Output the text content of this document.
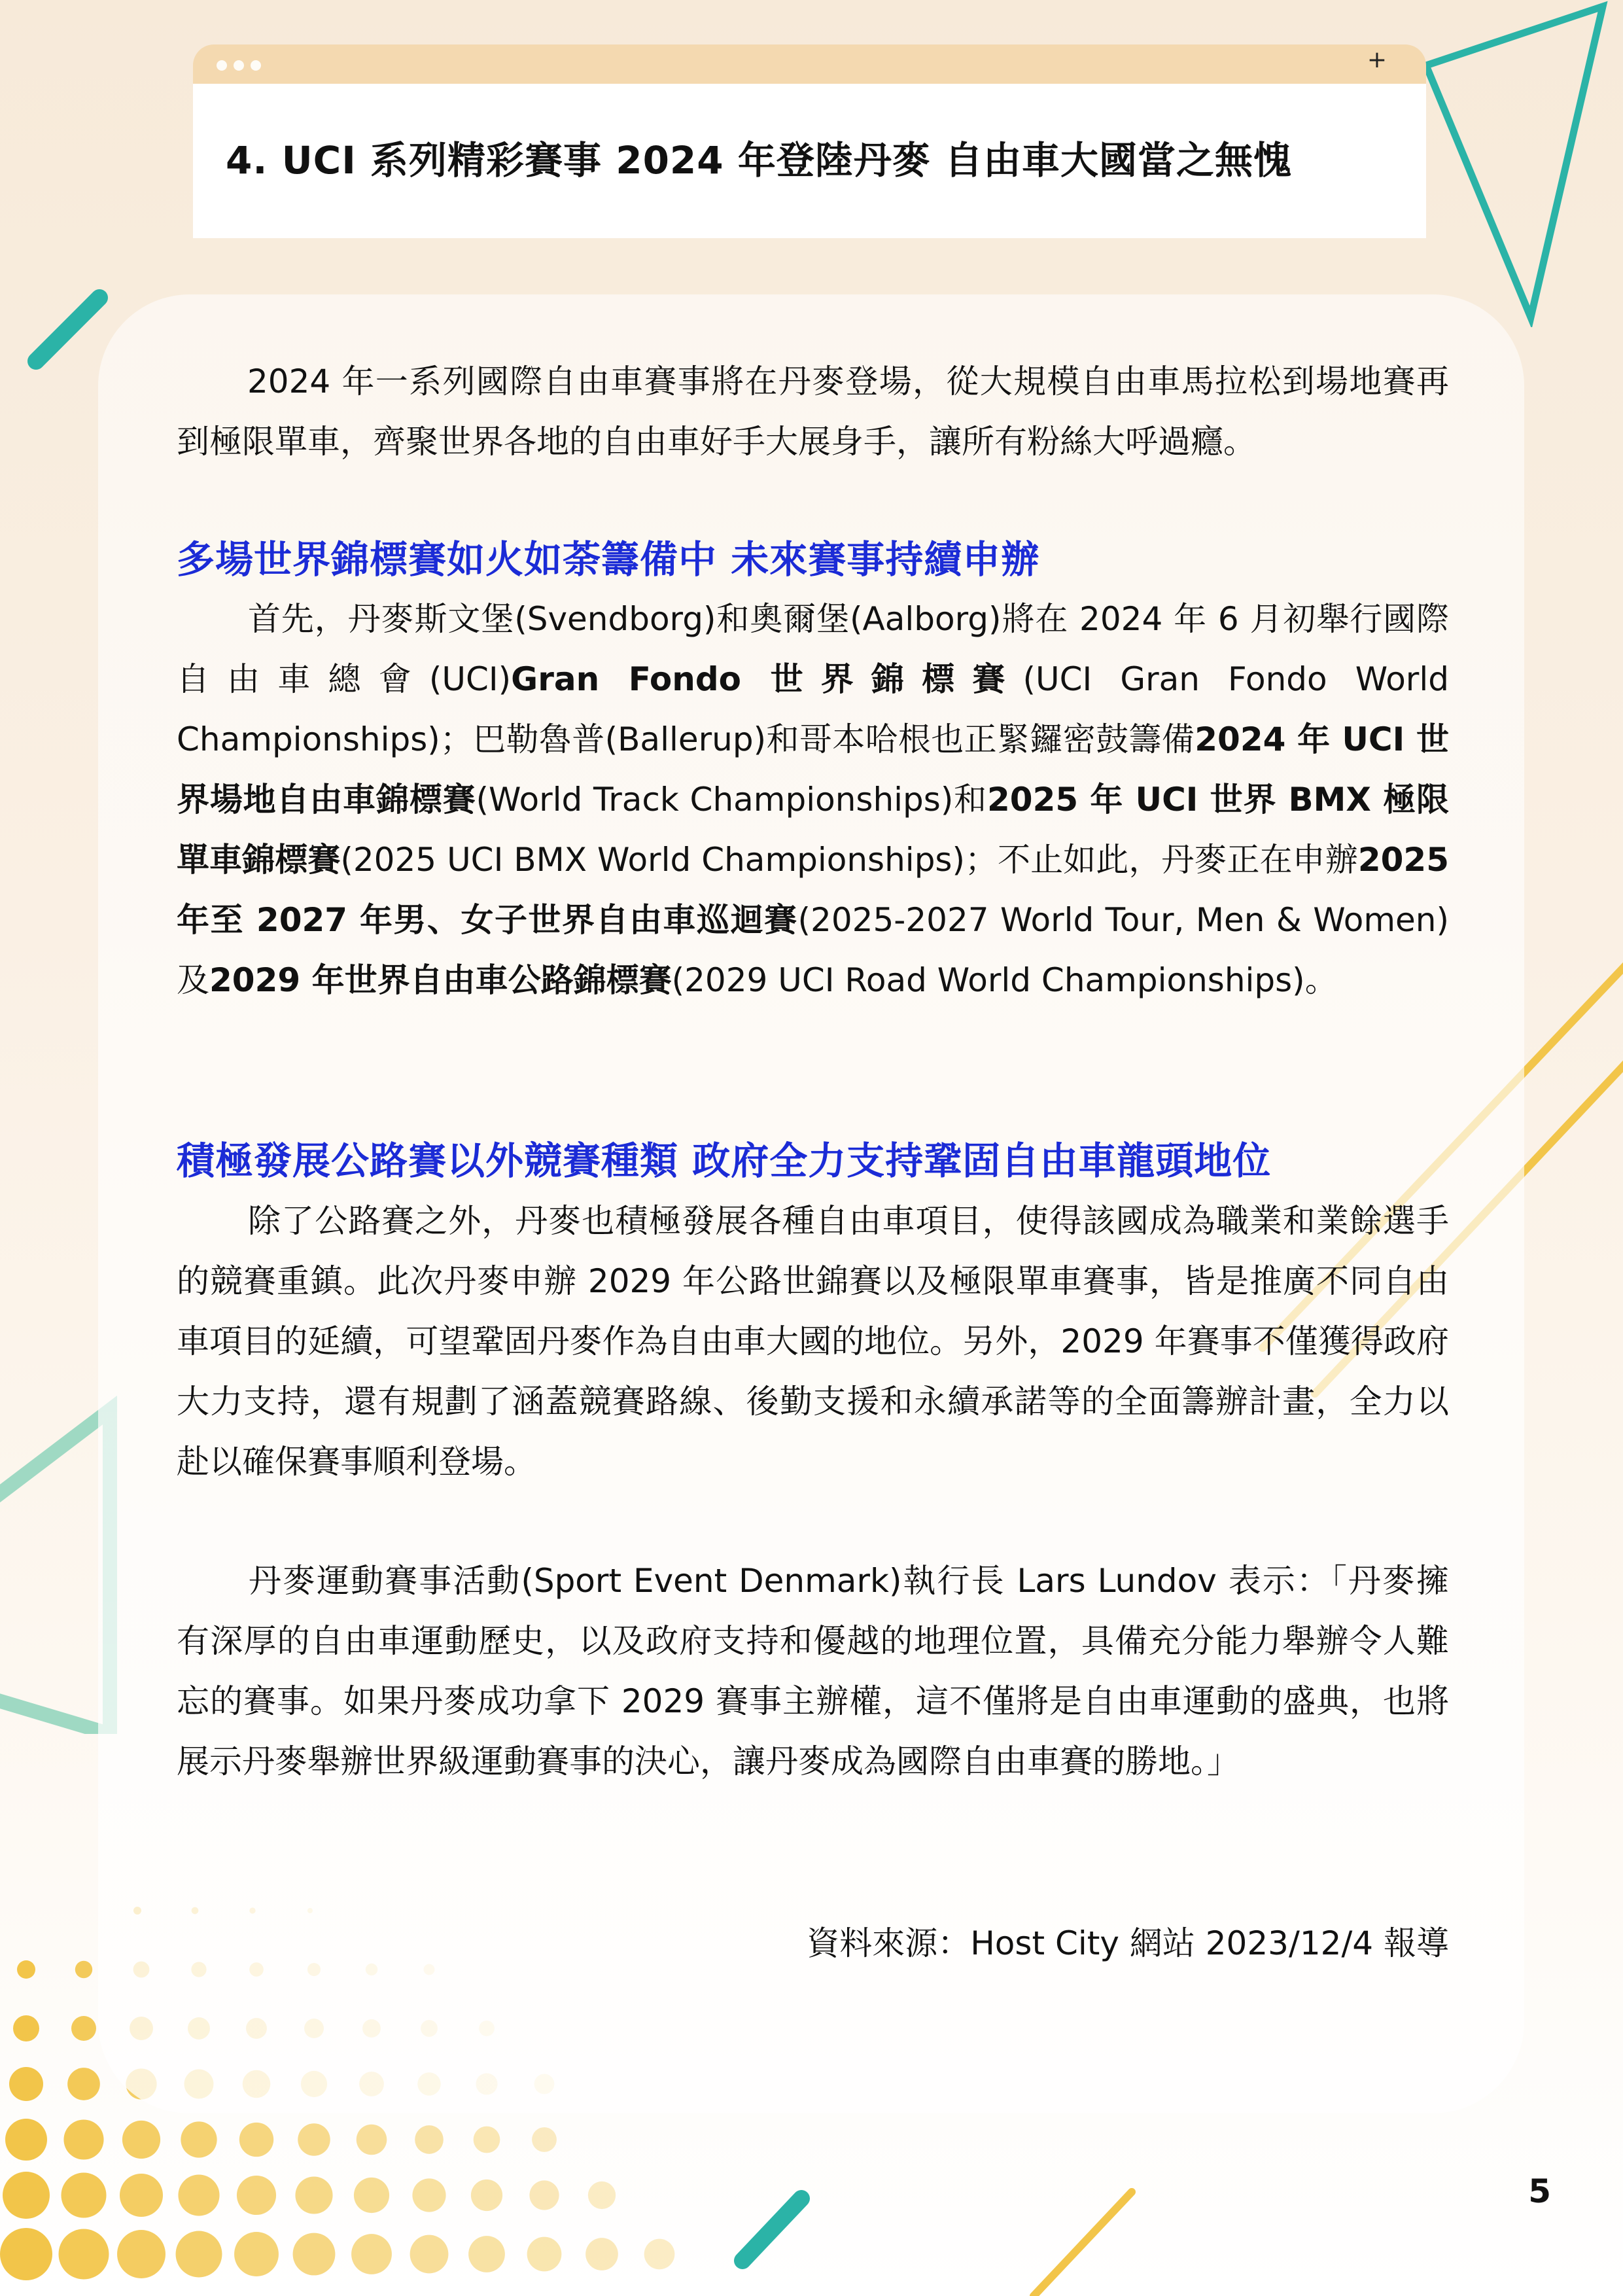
+
4. UCI 系列精彩賽事 2024 年登陸丹麥 自由車大國當之無愧

2024 年一系列國際自由車賽事將在丹麥登場，從大規模自由車馬拉松到場地賽再到極限單車，齊聚世界各地的自由車好手大展身手，讓所有粉絲大呼過癮。

多場世界錦標賽如火如荼籌備中 未來賽事持續申辦

首先，丹麥斯文堡(Svendborg)和奧爾堡(Aalborg)將在 2024 年 6 月初舉行國際自由車總會(UCI)Gran Fondo 世界錦標賽(UCI Gran Fondo World Championships)；巴勒魯普(Ballerup)和哥本哈根也正緊鑼密鼓籌備2024 年 UCI 世界場地自由車錦標賽(World Track Championships)和2025 年 UCI 世界 BMX 極限單車錦標賽(2025 UCI BMX World Championships)；不止如此，丹麥正在申辦2025 年至 2027 年男、女子世界自由車巡迴賽(2025-2027 World Tour, Men & Women) 及2029 年世界自由車公路錦標賽(2029 UCI Road World Championships)。

積極發展公路賽以外競賽種類 政府全力支持鞏固自由車龍頭地位

除了公路賽之外，丹麥也積極發展各種自由車項目，使得該國成為職業和業餘選手的競賽重鎮。此次丹麥申辦 2029 年公路世錦賽以及極限單車賽事，皆是推廣不同自由車項目的延續，可望鞏固丹麥作為自由車大國的地位。另外，2029 年賽事不僅獲得政府大力支持，還有規劃了涵蓋競賽路線、後勤支援和永續承諾等的全面籌辦計畫，全力以赴以確保賽事順利登場。

丹麥運動賽事活動(Sport Event Denmark)執行長 Lars Lundov 表示：「丹麥擁有深厚的自由車運動歷史，以及政府支持和優越的地理位置，具備充分能力舉辦令人難忘的賽事。如果丹麥成功拿下 2029 賽事主辦權，這不僅將是自由車運動的盛典，也將展示丹麥舉辦世界級運動賽事的決心，讓丹麥成為國際自由車賽的勝地。」

資料來源：Host City 網站 2023/12/4 報導

5
